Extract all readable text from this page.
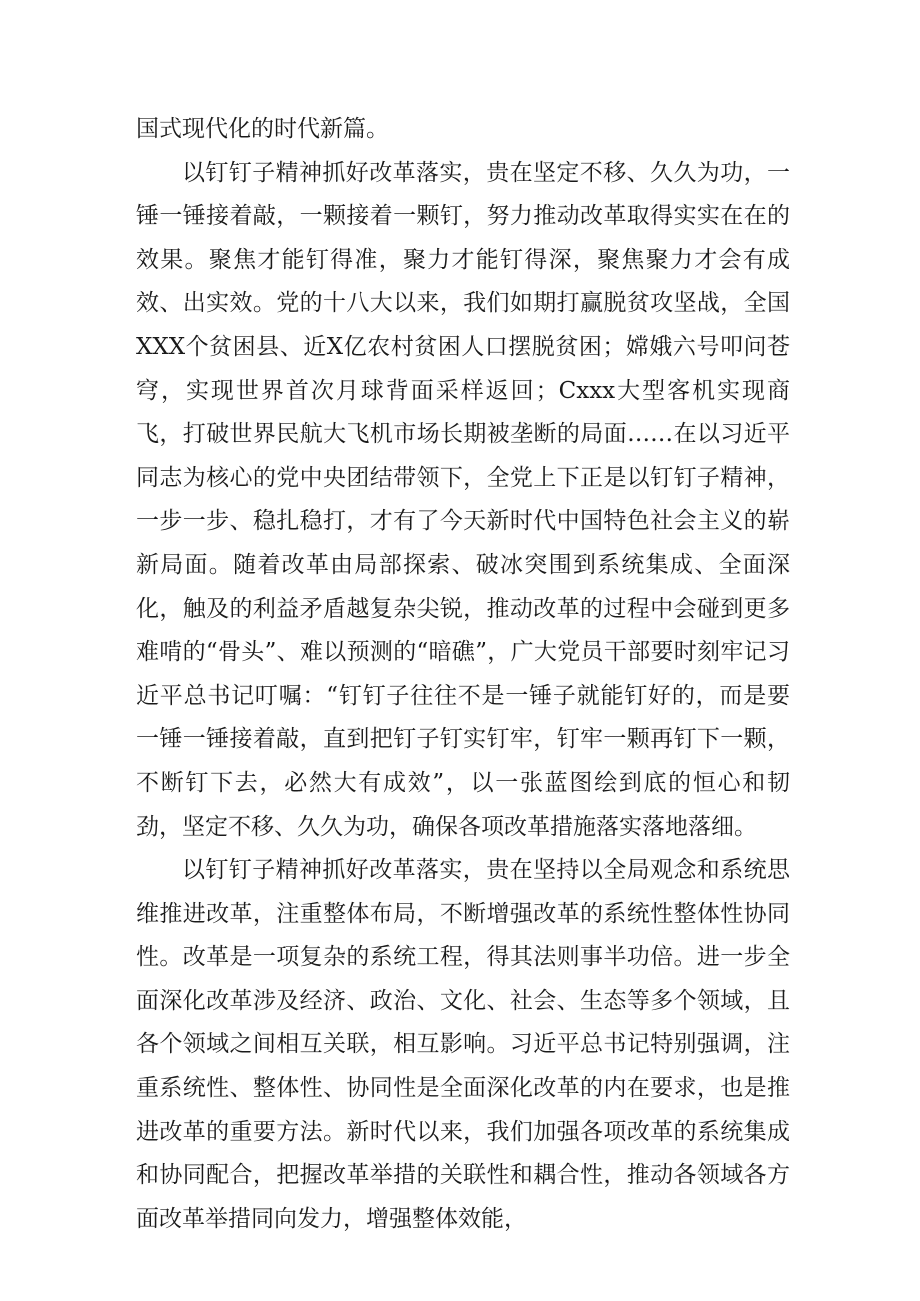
国式现代化的时代新篇。

以钉钉子精神抓好改革落实，贵在坚定不移、久久为功，一锤一锤接着敲，一颗接着一颗钉，努力推动改革取得实实在在的效果。聚焦才能钉得准，聚力才能钉得深，聚焦聚力才会有成效、出实效。党的十八大以来，我们如期打赢脱贫攻坚战，全国XXX个贫困县、近X亿农村贫困人口摆脱贫困；嫦娥六号叩问苍穹，实现世界首次月球背面采样返回；Cxxx大型客机实现商飞，打破世界民航大飞机市场长期被垄断的局面……在以习近平同志为核心的党中央团结带领下，全党上下正是以钉钉子精神，一步一步、稳扎稳打，才有了今天新时代中国特色社会主义的崭新局面。随着改革由局部探索、破冰突围到系统集成、全面深化，触及的利益矛盾越复杂尖锐，推动改革的过程中会碰到更多难啃的“骨头”、难以预测的“暗礁”，广大党员干部要时刻牢记习近平总书记叮嘱：“钉钉子往往不是一锤子就能钉好的，而是要一锤一锤接着敲，直到把钉子钉实钉牢，钉牢一颗再钉下一颗，不断钉下去，必然大有成效”，以一张蓝图绘到底的恒心和韧劲，坚定不移、久久为功，确保各项改革措施落实落地落细。

以钉钉子精神抓好改革落实，贵在坚持以全局观念和系统思维推进改革，注重整体布局，不断增强改革的系统性整体性协同性。改革是一项复杂的系统工程，得其法则事半功倍。进一步全面深化改革涉及经济、政治、文化、社会、生态等多个领域，且各个领域之间相互关联，相互影响。习近平总书记特别强调，注重系统性、整体性、协同性是全面深化改革的内在要求，也是推进改革的重要方法。新时代以来，我们加强各项改革的系统集成和协同配合，把握改革举措的关联性和耦合性，推动各领域各方面改革举措同向发力，增强整体效能，
